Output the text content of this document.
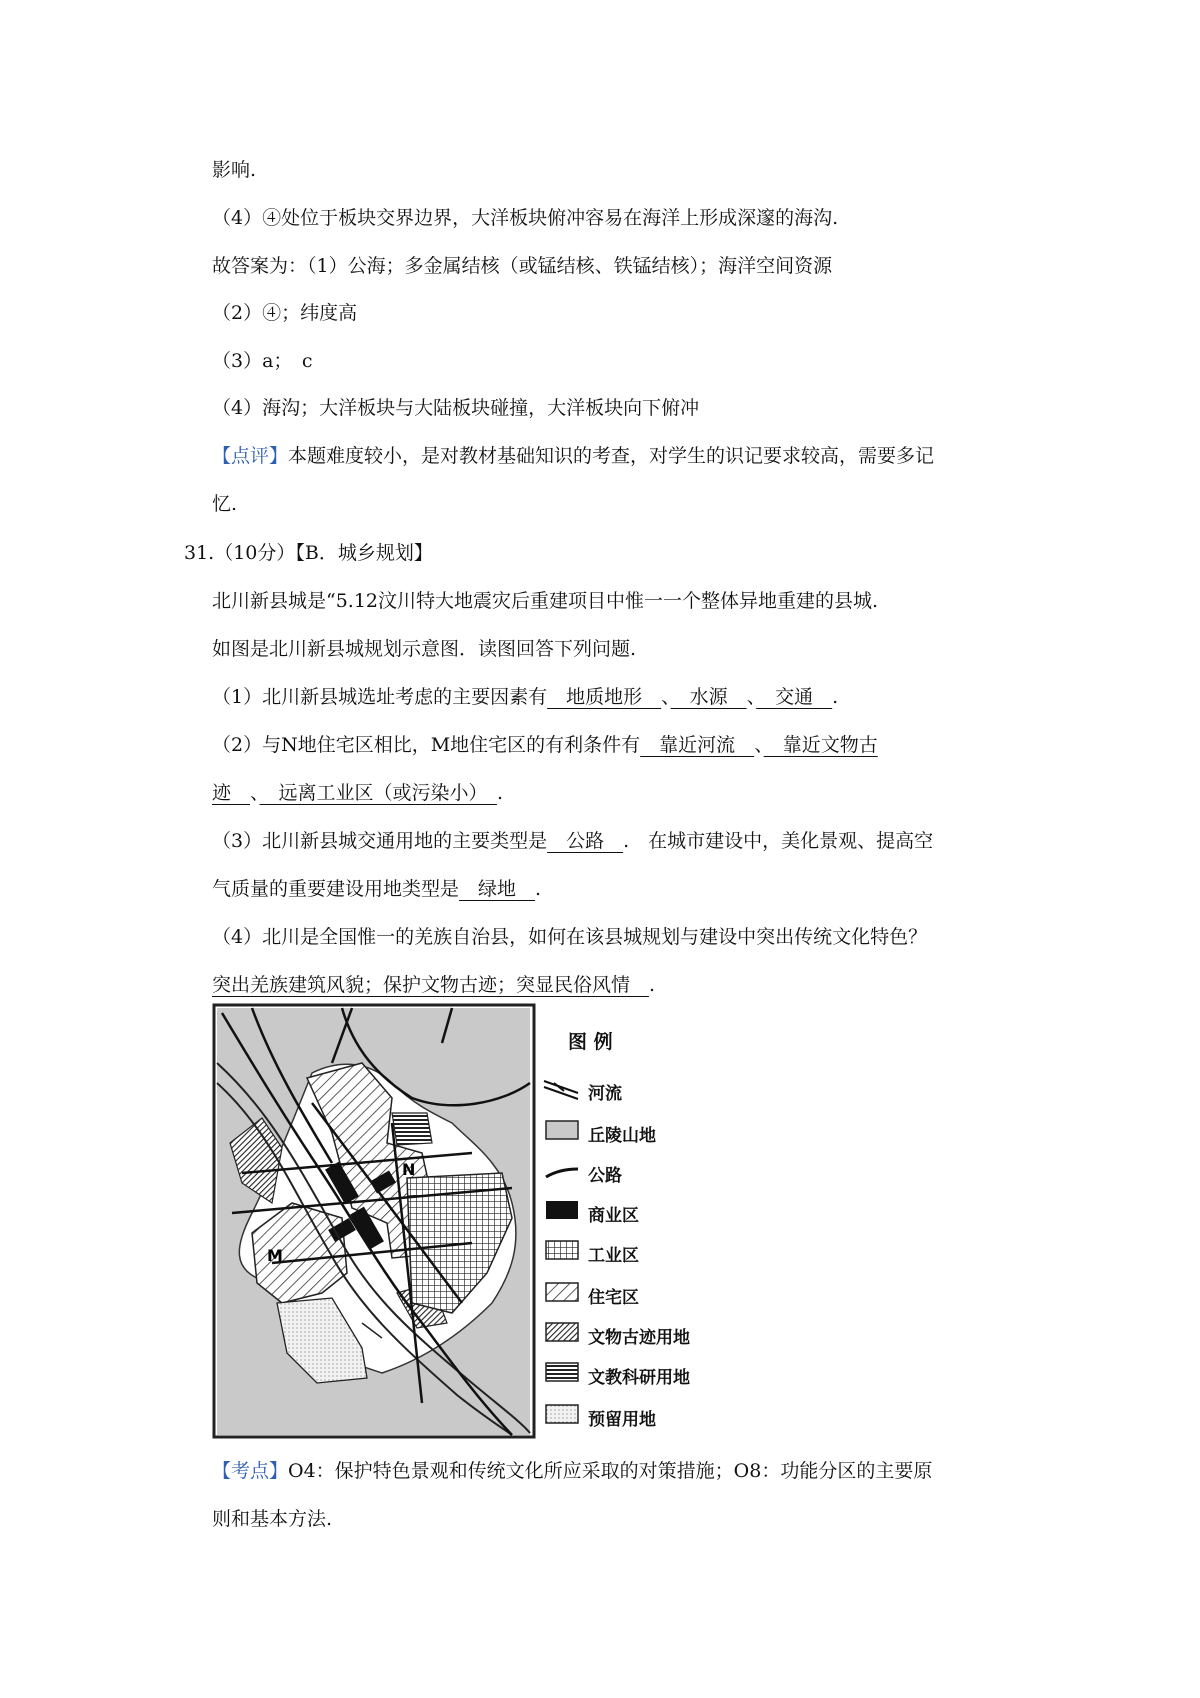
影响.
（4）④处位于板块交界边界，大洋板块俯冲容易在海洋上形成深邃的海沟.
故答案为：（1）公海；多金属结核（或锰结核、铁锰结核）；海洋空间资源
（2）④；纬度高
（3）a；　c
（4）海沟；大洋板块与大陆板块碰撞，大洋板块向下俯冲
【点评】本题难度较小，是对教材基础知识的考查，对学生的识记要求较高，需要多记
忆.
31.（10分）【B．城乡规划】
北川新县城是“5.12汶川特大地震灾后重建项目中惟一一个整体异地重建的县城.
如图是北川新县城规划示意图．读图回答下列问题.
（1）北川新县城选址考虑的主要因素有　地质地形　、　水源　、　交通　.
（2）与N地住宅区相比，M地住宅区的有利条件有　靠近河流　、　靠近文物古
迹　、　远离工业区（或污染小）　.
（3）北川新县城交通用地的主要类型是　公路　.　在城市建设中，美化景观、提高空
气质量的重要建设用地类型是　绿地　.
（4）北川是全国惟一的羌族自治县，如何在该县城规划与建设中突出传统文化特色？
突出羌族建筑风貌；保护文物古迹；突显民俗风情　.
M
N
图 例
河流
丘陵山地
公路
商业区
工业区
住宅区
文物古迹用地
文教科研用地
预留用地
【考点】O4：保护特色景观和传统文化所应采取的对策措施；O8：功能分区的主要原
则和基本方法.
